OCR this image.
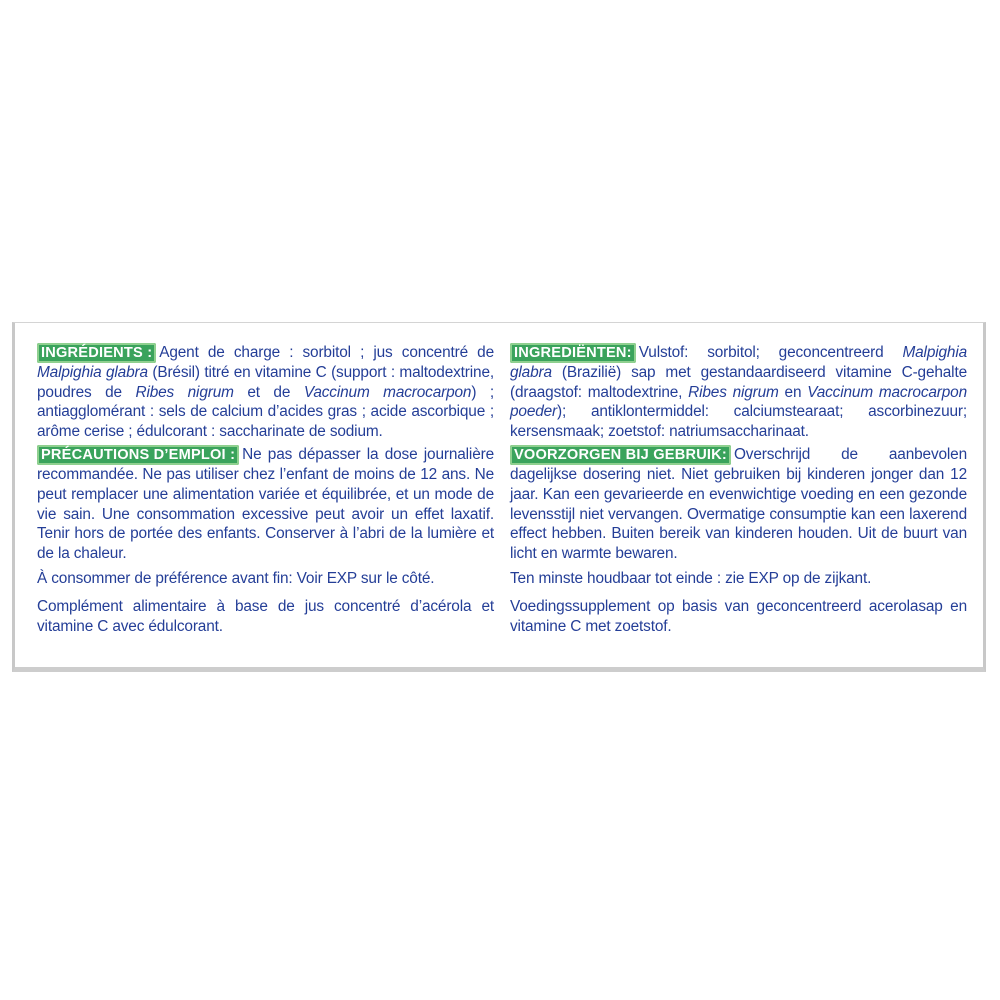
INGRÉDIENTS : Agent de charge : sorbitol ; jus concentré de Malpighia glabra (Brésil) titré en vitamine C (support : maltodextrine, poudres de Ribes nigrum et de Vaccinum macrocarpon) ; antiagglomérant : sels de calcium d’acides gras ; acide ascorbique ; arôme cerise ; édulcorant : saccharinate de sodium.

PRÉCAUTIONS D’EMPLOI : Ne pas dépasser la dose journalière recommandée. Ne pas utiliser chez l’enfant de moins de 12 ans. Ne peut remplacer une alimentation variée et équilibrée, et un mode de vie sain. Une consommation excessive peut avoir un effet laxatif. Tenir hors de portée des enfants. Conserver à l’abri de la lumière et de la chaleur.

À consommer de préférence avant fin: Voir EXP sur le côté.

Complément alimentaire à base de jus concentré d’acérola et vitamine C avec édulcorant.

INGREDIËNTEN: Vulstof: sorbitol; geconcentreerd Malpighia glabra (Brazilië) sap met gestandaardiseerd vitamine C-gehalte (draagstof: maltodextrine, Ribes nigrum en Vaccinum macrocarpon poeder); antiklontermiddel: calciumstearaat; ascorbinezuur; kersensmaak; zoetstof: natriumsaccharinaat.

VOORZORGEN BIJ GEBRUIK: Overschrijd de aanbevolen dagelijkse dosering niet. Niet gebruiken bij kinderen jonger dan 12 jaar. Kan een gevarieerde en evenwichtige voeding en een gezonde levensstijl niet vervangen. Overmatige consumptie kan een laxerend effect hebben. Buiten bereik van kinderen houden. Uit de buurt van licht en warmte bewaren.

Ten minste houdbaar tot einde : zie EXP op de zijkant.

Voedingssupplement op basis van geconcentreerd acerolasap en vitamine C met zoetstof.
